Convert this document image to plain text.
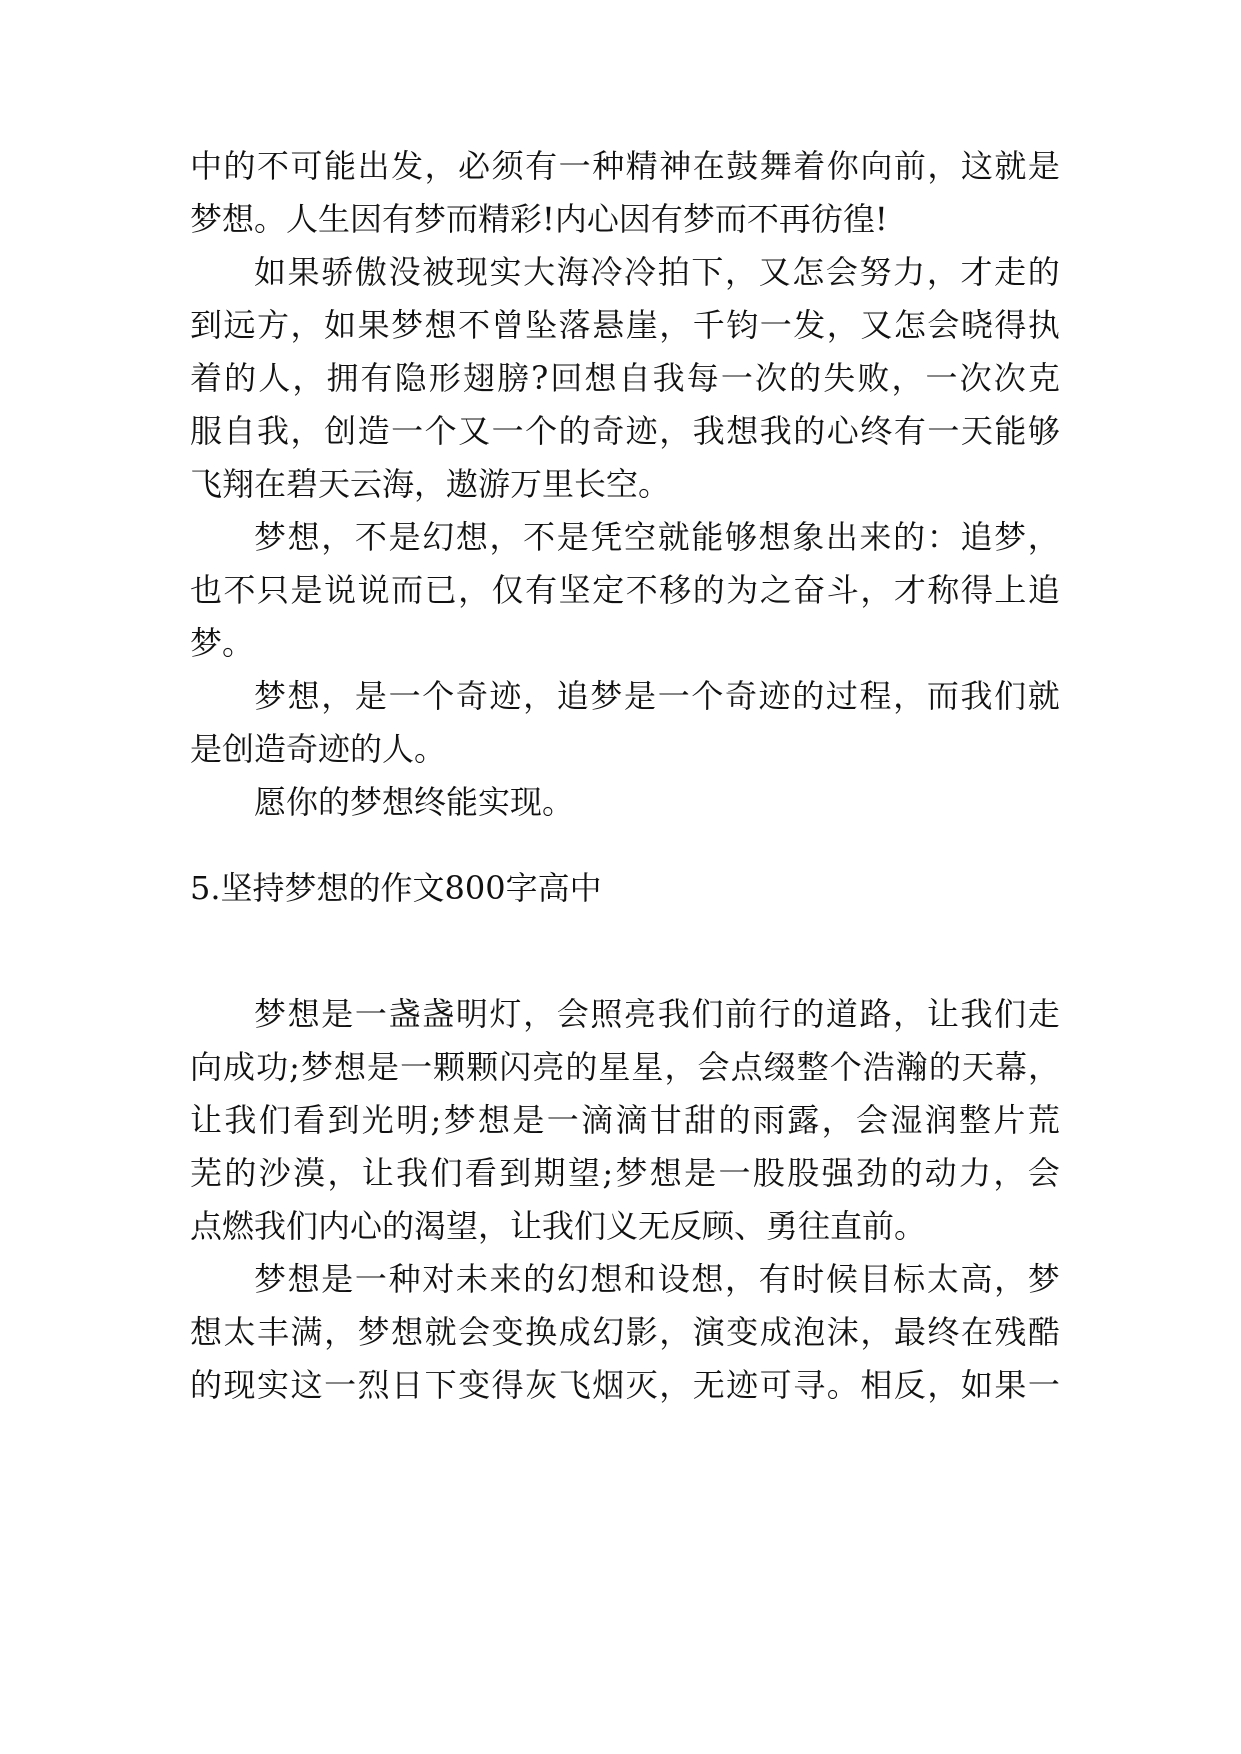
中 的 不 可 能 出 发 ， 必 须 有 一 种 精 神 在 鼓 舞 着 你 向 前 ， 这 就 是
梦想。人生因有梦而精彩!内心因有梦而不再彷徨!
如 果 骄 傲 没 被 现 实 大 海 冷 冷 拍 下 ， 又 怎 会 努 力 ， 才 走 的
到 远 方 ， 如 果 梦 想 不 曾 坠 落 悬 崖 ， 千 钧 一 发 ， 又 怎 会 晓 得 执
着 的 人 ， 拥 有 隐 形 翅 膀 ? 回 想 自 我 每 一 次 的 失 败 ， 一 次 次 克
服 自 我 ， 创 造 一 个 又 一 个 的 奇 迹 ， 我 想 我 的 心 终 有 一 天 能 够
飞翔在碧天云海，遨游万里长空。
梦 想 ， 不 是 幻 想 ， 不 是 凭 空 就 能 够 想 象 出 来 的 ： 追 梦 ，
也 不 只 是 说 说 而 已 ， 仅 有 坚 定 不 移 的 为 之 奋 斗 ， 才 称 得 上 追
梦。
梦 想 ， 是 一 个 奇 迹 ， 追 梦 是 一 个 奇 迹 的 过 程 ， 而 我 们 就
是创造奇迹的人。
愿你的梦想终能实现。
5.坚持梦想的作文800字高中
梦 想 是 一 盏 盏 明 灯 ， 会 照 亮 我 们 前 行 的 道 路 ， 让 我 们 走
向 成 功 ; 梦 想 是 一 颗 颗 闪 亮 的 星 星 ， 会 点 缀 整 个 浩 瀚 的 天 幕 ，
让 我 们 看 到 光 明 ; 梦 想 是 一 滴 滴 甘 甜 的 雨 露 ， 会 湿 润 整 片 荒
芜 的 沙 漠 ， 让 我 们 看 到 期 望 ; 梦 想 是 一 股 股 强 劲 的 动 力 ， 会
点燃我们内心的渴望，让我们义无反顾、勇往直前。
梦 想 是 一 种 对 未 来 的 幻 想 和 设 想 ， 有 时 候 目 标 太 高 ， 梦
想 太 丰 满 ， 梦 想 就 会 变 换 成 幻 影 ， 演 变 成 泡 沫 ， 最 终 在 残 酷
的 现 实 这 一 烈 日 下 变 得 灰 飞 烟 灭 ， 无 迹 可 寻 。 相 反 ， 如 果 一
